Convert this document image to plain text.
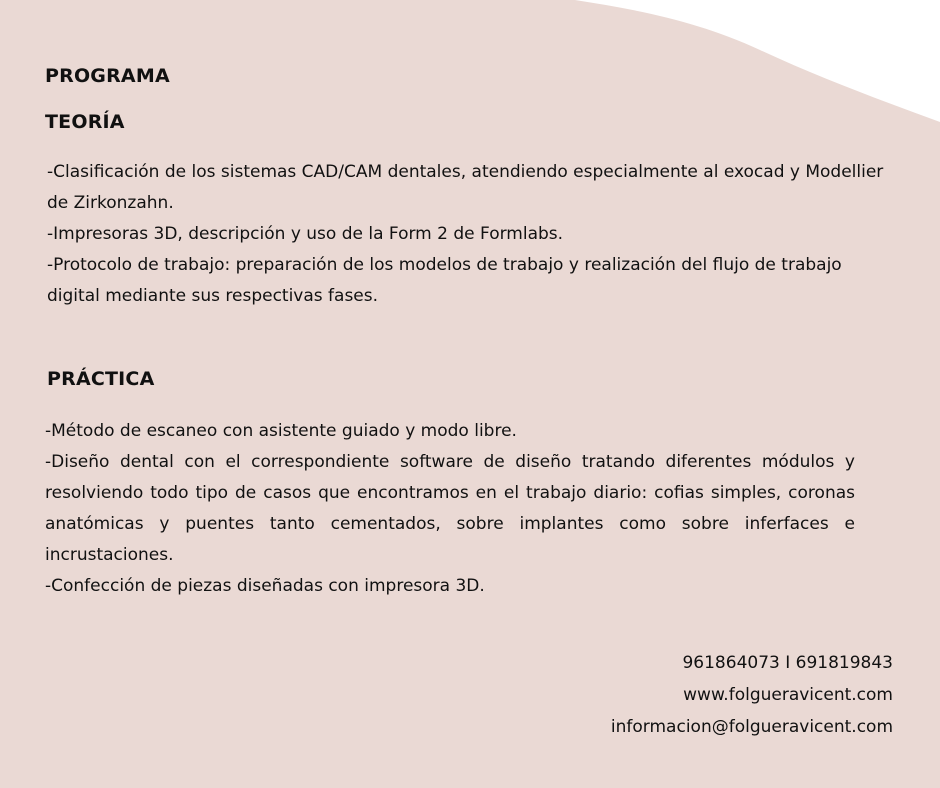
PROGRAMA
TEORÍA

-Clasificación de los sistemas CAD/CAM dentales, atendiendo especialmente al exocad y Modellier de Zirkonzahn.

-Impresoras 3D, descripción y uso de la Form 2 de Formlabs.

-Protocolo de trabajo: preparación de los modelos de trabajo y realización del flujo de trabajo digital mediante sus respectivas fases.

PRÁCTICA

-Método de escaneo con asistente guiado y modo libre.

-Diseño dental con el correspondiente software de diseño tratando diferentes módulos y resolviendo todo tipo de casos que encontramos en el trabajo diario: cofias simples, coronas anatómicas y puentes tanto cementados, sobre implantes como sobre inferfaces e incrustaciones.

-Confección de piezas diseñadas con impresora 3D.

961864073 I 691819843
www.folgueravicent.com
informacion@folgueravicent.com
